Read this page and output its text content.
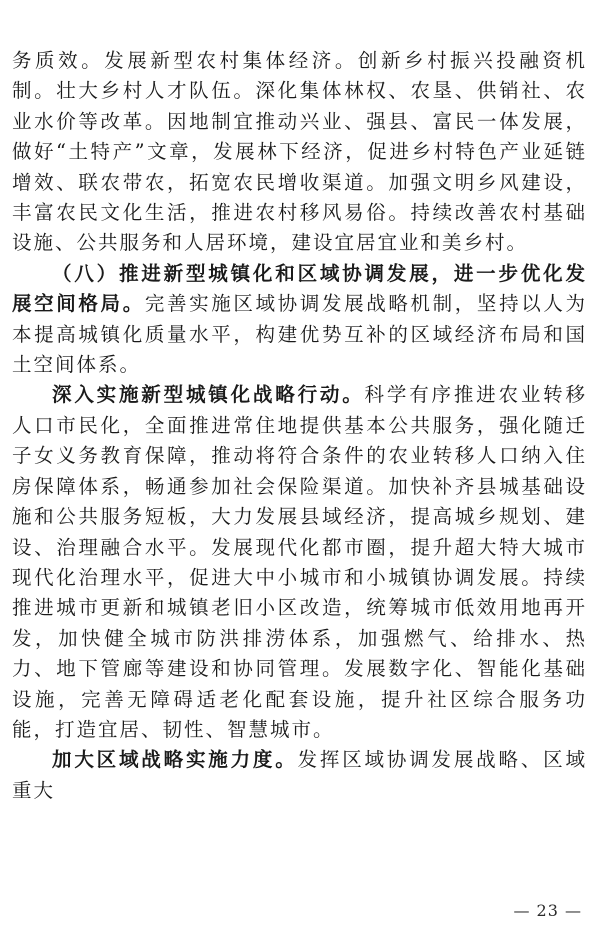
务质效。发展新型农村集体经济。创新乡村振兴投融资机制。壮大乡村人才队伍。深化集体林权、农垦、供销社、农业水价等改革。因地制宜推动兴业、强县、富民一体发展，做好“土特产”文章，发展林下经济，促进乡村特色产业延链增效、联农带农，拓宽农民增收渠道。加强文明乡风建设，丰富农民文化生活，推进农村移风易俗。持续改善农村基础设施、公共服务和人居环境，建设宜居宜业和美乡村。

（八）推进新型城镇化和区域协调发展，进一步优化发展空间格局。完善实施区域协调发展战略机制，坚持以人为本提高城镇化质量水平，构建优势互补的区域经济布局和国土空间体系。

深入实施新型城镇化战略行动。科学有序推进农业转移人口市民化，全面推进常住地提供基本公共服务，强化随迁子女义务教育保障，推动将符合条件的农业转移人口纳入住房保障体系，畅通参加社会保险渠道。加快补齐县城基础设施和公共服务短板，大力发展县域经济，提高城乡规划、建设、治理融合水平。发展现代化都市圈，提升超大特大城市现代化治理水平，促进大中小城市和小城镇协调发展。持续推进城市更新和城镇老旧小区改造，统筹城市低效用地再开发，加快健全城市防洪排涝体系，加强燃气、给排水、热力、地下管廊等建设和协同管理。发展数字化、智能化基础设施，完善无障碍适老化配套设施，提升社区综合服务功能，打造宜居、韧性、智慧城市。

加大区域战略实施力度。发挥区域协调发展战略、区域重大

— 23 —
